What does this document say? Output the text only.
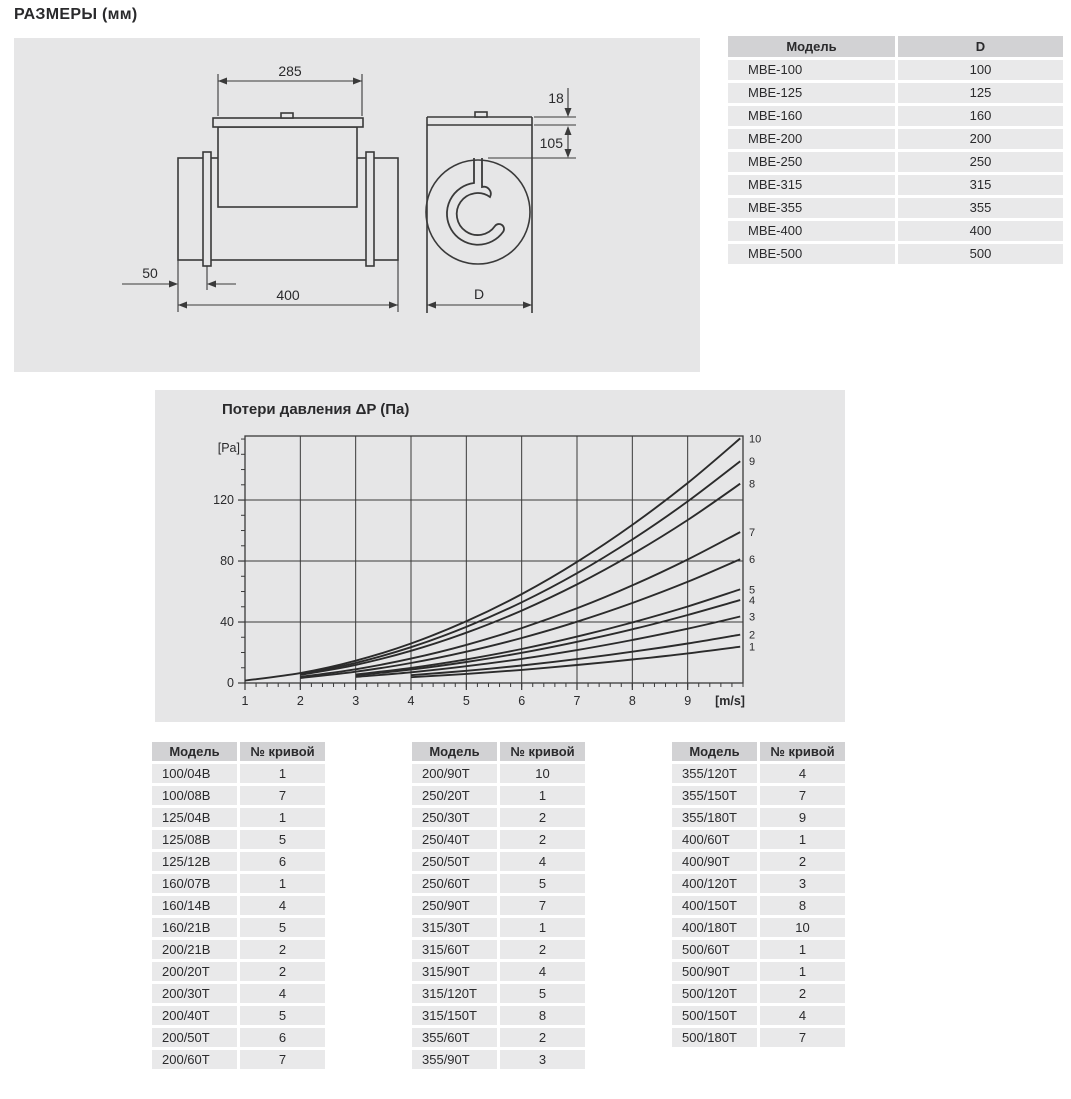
РАЗМЕРЫ (мм)
285
50
400
18
105
D
Модель	D
МВЕ-100	100
МВЕ-125	125
МВЕ-160	160
МВЕ-200	200
МВЕ-250	250
МВЕ-315	315
МВЕ-355	355
МВЕ-400	400
МВЕ-500	500
1	2	3	4	5	6	7	8	9
0
40
80
120
[m/s]
[Pa]
1
2
3
4
5
6
7
8
9
10
Потери давления ΔP (Па)
Модель	№ кривой
100/04В	1
100/08В	7
125/04В	1
125/08В	5
125/12В	6
160/07В	1
160/14В	4
160/21В	5
200/21В	2
200/20Т	2
200/30Т	4
200/40Т	5
200/50Т	6
200/60Т	7
Модель	№ кривой
200/90Т	10
250/20Т	1
250/30Т	2
250/40Т	2
250/50Т	4
250/60Т	5
250/90Т	7
315/30Т	1
315/60Т	2
315/90Т	4
315/120Т	5
315/150Т	8
355/60Т	2
355/90Т	3
Модель	№ кривой
355/120Т	4
355/150Т	7
355/180Т	9
400/60Т	1
400/90Т	2
400/120Т	3
400/150Т	8
400/180Т	10
500/60Т	1
500/90Т	1
500/120Т	2
500/150Т	4
500/180Т	7
